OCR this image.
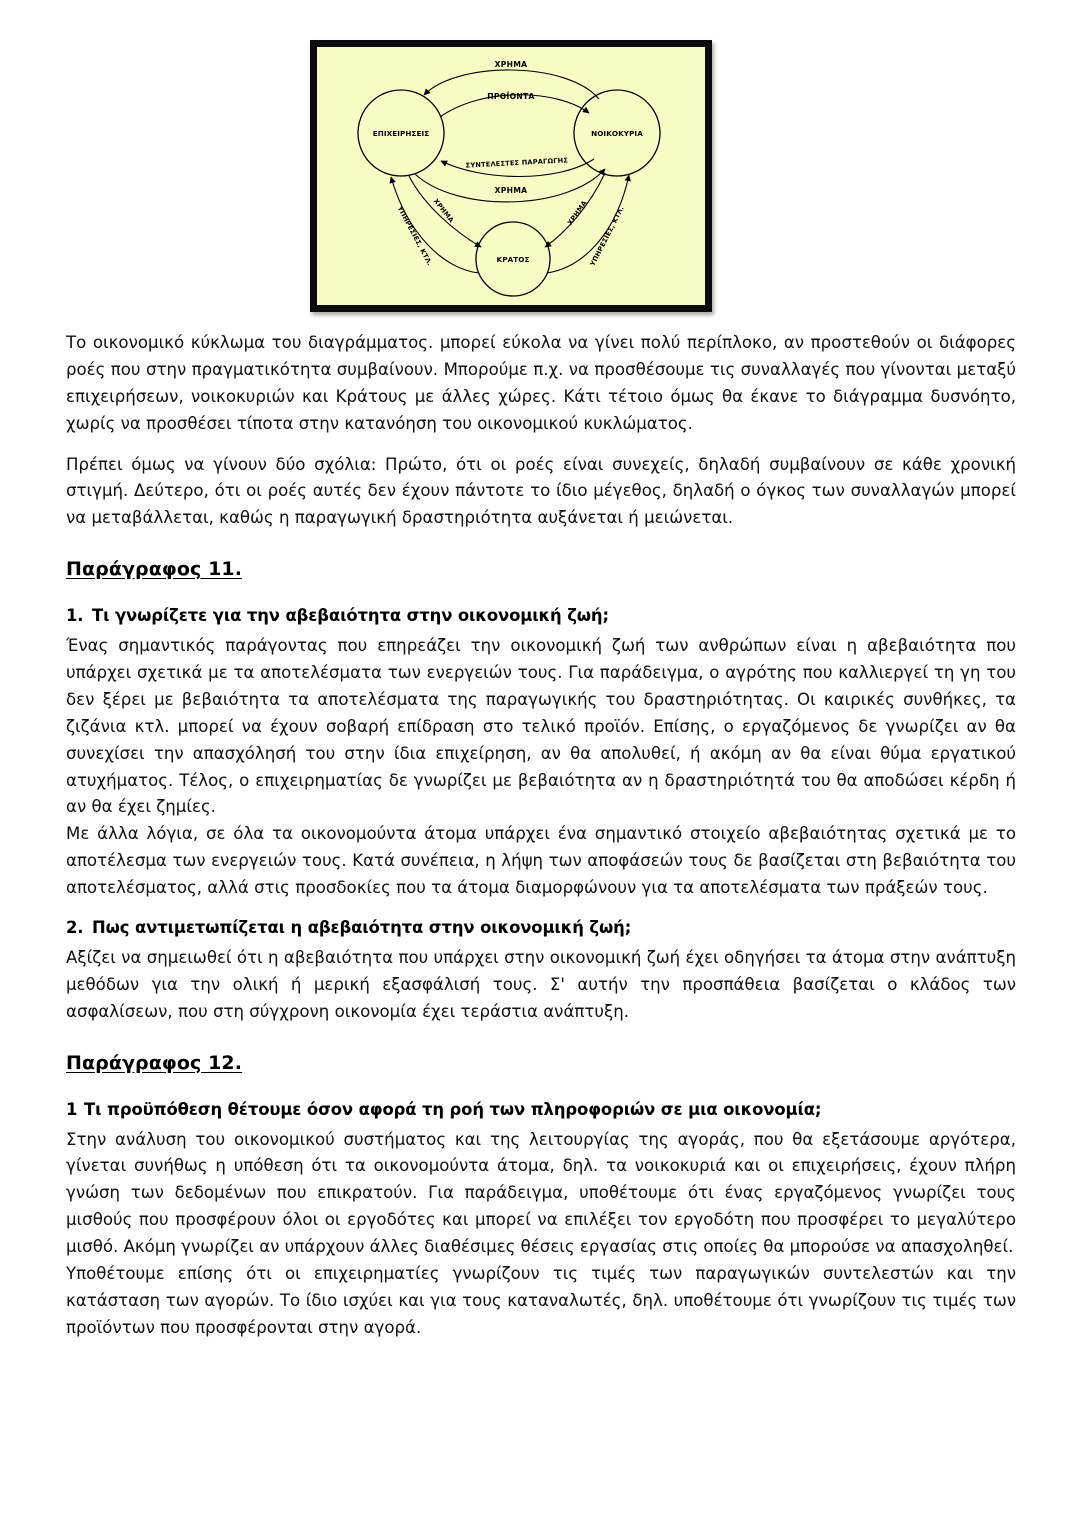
ΕΠΙΧΕΙΡΗΣΕΙΣ	ΝΟΙΚΟΚΥΡΙΑ
ΚΡΑΤΟΣ
ΧΡΗΜΑ
ΠΡΟΪΟΝΤΑ
ΣΥΝΤΕΛΕΣΤΕΣ ΠΑΡΑΓΩΓΗΣ
ΧΡΗΜΑ
ΧΡΗΜΑ
ΥΠΗΡΕΣΙΕΣ, ΚΤΛ.	ΧΡΗΜΑ ΥΠΗΡΕΣΙΕΣ, ΚΤΛ.

Το οικονομικό κύκλωμα του διαγράμματος. μπορεί εύκολα να γίνει πολύ περίπλοκο, αν προστεθούν οι διάφορες ροές που στην πραγματικότητα συμβαίνουν. Μπορούμε π.χ. να προσθέσουμε τις συναλλαγές που γίνονται μεταξύ επιχειρήσεων, νοικοκυριών και Κράτους με άλλες χώρες. Κάτι τέτοιο όμως θα έκανε το διάγραμμα δυσνόητο, χωρίς να προσθέσει τίποτα στην κατανόηση του οικονομικού κυκλώματος.

Πρέπει όμως να γίνουν δύο σχόλια: Πρώτο, ότι οι ροές είναι συνεχείς, δηλαδή συμβαίνουν σε κάθε χρονική στιγμή. Δεύτερο, ότι οι ροές αυτές δεν έχουν πάντοτε το ίδιο μέγεθος, δηλαδή ο όγκος των συναλλαγών μπορεί να μεταβάλλεται, καθώς η παραγωγική δραστηριότητα αυξάνεται ή μειώνεται.

Παράγραφος 11.
1. Τι γνωρίζετε για την αβεβαιότητα στην οικονομική ζωή;

Ένας σημαντικός παράγοντας που επηρεάζει την οικονομική ζωή των ανθρώπων είναι η αβεβαιότητα που υπάρχει σχετικά με τα αποτελέσματα των ενεργειών τους. Για παράδειγμα, ο αγρότης που καλλιεργεί τη γη του δεν ξέρει με βεβαιότητα τα αποτελέσματα της παραγωγικής του δραστηριότητας. Οι καιρικές συνθήκες, τα ζιζάνια κτλ. μπορεί να έχουν σοβαρή επίδραση στο τελικό προϊόν. Επίσης, ο εργαζόμενος δε γνωρίζει αν θα συνεχίσει την απασχόλησή του στην ίδια επιχείρηση, αν θα απολυθεί, ή ακόμη αν θα είναι θύμα εργατικού ατυχήματος. Τέλος, ο επιχειρηματίας δε γνωρίζει με βεβαιότητα αν η δραστηριότητά του θα αποδώσει κέρδη ή αν θα έχει ζημίες.

Με άλλα λόγια, σε όλα τα οικονομούντα άτομα υπάρχει ένα σημαντικό στοιχείο αβεβαιότητας σχετικά με το αποτέλεσμα των ενεργειών τους. Κατά συνέπεια, η λήψη των αποφάσεών τους δε βασίζεται στη βεβαιότητα του αποτελέσματος, αλλά στις προσδοκίες που τα άτομα διαμορφώνουν για τα αποτελέσματα των πράξεών τους.

2. Πως αντιμετωπίζεται η αβεβαιότητα στην οικονομική ζωή;

Αξίζει να σημειωθεί ότι η αβεβαιότητα που υπάρχει στην οικονομική ζωή έχει οδηγήσει τα άτομα στην ανάπτυξη μεθόδων για την ολική ή μερική εξασφάλισή τους. Σ' αυτήν την προσπάθεια βασίζεται ο κλάδος των ασφαλίσεων, που στη σύγχρονη οικονομία έχει τεράστια ανάπτυξη.

Παράγραφος 12.
1 Τι προϋπόθεση θέτουμε όσον αφορά τη ροή των πληροφοριών σε μια οικονομία;

Στην ανάλυση του οικονομικού συστήματος και της λειτουργίας της αγοράς, που θα εξετάσουμε αργότερα, γίνεται συνήθως η υπόθεση ότι τα οικονομούντα άτομα, δηλ. τα νοικοκυριά και οι επιχειρήσεις, έχουν πλήρη γνώση των δεδομένων που επικρατούν. Για παράδειγμα, υποθέτουμε ότι ένας εργαζόμενος γνωρίζει τους μισθούς που προσφέρουν όλοι οι εργοδότες και μπορεί να επιλέξει τον εργοδότη που προσφέρει το μεγαλύτερο μισθό. Ακόμη γνωρίζει αν υπάρχουν άλλες διαθέσιμες θέσεις εργασίας στις οποίες θα μπορούσε να απασχοληθεί.

Υποθέτουμε επίσης ότι οι επιχειρηματίες γνωρίζουν τις τιμές των παραγωγικών συντελεστών και την κατάσταση των αγορών. Το ίδιο ισχύει και για τους καταναλωτές, δηλ. υποθέτουμε ότι γνωρίζουν τις τιμές των προϊόντων που προσφέρονται στην αγορά.
